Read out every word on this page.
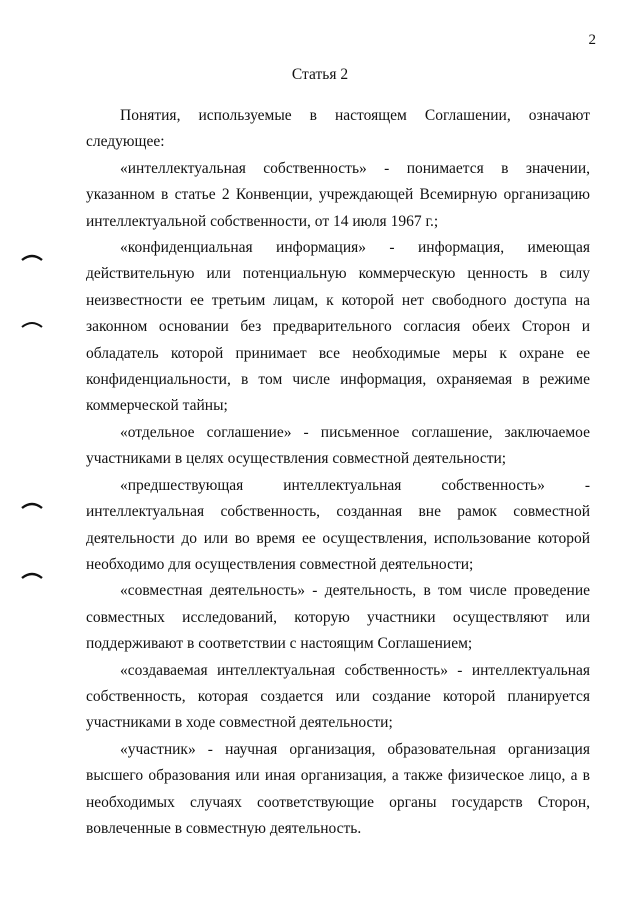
2
Статья 2

Понятия, используемые в настоящем Соглашении, означают следующее:

«интеллектуальная собственность» - понимается в значении, указанном в статье 2 Конвенции, учреждающей Всемирную организацию интеллектуальной собственности, от 14 июля 1967 г.;

«конфиденциальная информация» - информация, имеющая действительную или потенциальную коммерческую ценность в силу неизвестности ее третьим лицам, к которой нет свободного доступа на законном основании без предварительного согласия обеих Сторон и обладатель которой принимает все необходимые меры к охране ее конфиденциальности, в том числе информация, охраняемая в режиме коммерческой тайны;

«отдельное соглашение» - письменное соглашение, заключаемое участниками в целях осуществления совместной деятельности;

«предшествующая интеллектуальная собственность» - интеллектуальная собственность, созданная вне рамок совместной деятельности до или во время ее осуществления, использование которой необходимо для осуществления совместной деятельности;

«совместная деятельность» - деятельность, в том числе проведение совместных исследований, которую участники осуществляют или поддерживают в соответствии с настоящим Соглашением;

«создаваемая интеллектуальная собственность» - интеллектуальная собственность, которая создается или создание которой планируется участниками в ходе совместной деятельности;

«участник» - научная организация, образовательная организация высшего образования или иная организация, а также физическое лицо, а в необходимых случаях соответствующие органы государств Сторон, вовлеченные в совместную деятельность.
